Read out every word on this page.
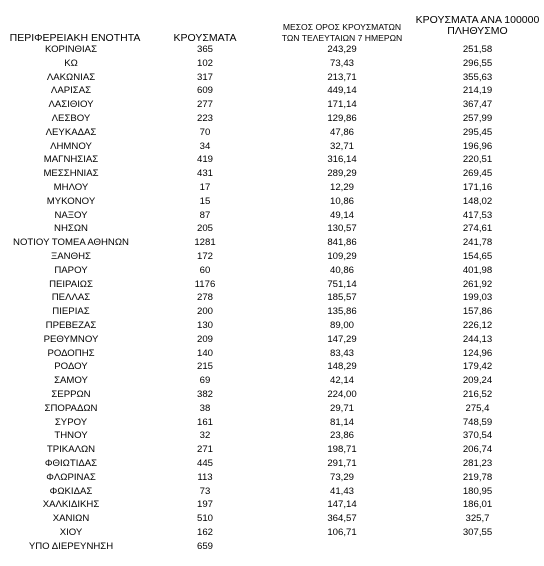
ΠΕΡΙΦΕΡΕΙΑΚΗ ΕΝΟΤΗΤΑ	ΚΡΟΥΣΜΑΤΑ
ΜΕΣΟΣ ΟΡΟΣ ΚΡΟΥΣΜΑΤΩΝ
ΤΩΝ ΤΕΛΕΥΤΑΙΩΝ 7 ΗΜΕΡΩΝ
ΚΡΟΥΣΜΑΤΑ ΑΝΑ 100000
ΠΛΗΘΥΣΜΟ
ΚΟΡΙΝΘΙΑΣ	365	243,29	251,58
ΚΩ	102	73,43	296,55
ΛΑΚΩΝΙΑΣ	317	213,71	355,63
ΛΑΡΙΣΑΣ	609	449,14	214,19
ΛΑΣΙΘΙΟΥ	277	171,14	367,47
ΛΕΣΒΟΥ	223	129,86	257,99
ΛΕΥΚΑΔΑΣ	70	47,86	295,45
ΛΗΜΝΟΥ	34	32,71	196,96
ΜΑΓΝΗΣΙΑΣ	419	316,14	220,51
ΜΕΣΣΗΝΙΑΣ	431	289,29	269,45
ΜΗΛΟΥ	17	12,29	171,16
ΜΥΚΟΝΟΥ	15	10,86	148,02
ΝΑΞΟΥ	87	49,14	417,53
ΝΗΣΩΝ	205	130,57	274,61
ΝΟΤΙΟΥ ΤΟΜΕΑ ΑΘΗΝΩΝ	1281	841,86	241,78
ΞΑΝΘΗΣ	172	109,29	154,65
ΠΑΡΟΥ	60	40,86	401,98
ΠΕΙΡΑΙΩΣ	1176	751,14	261,92
ΠΕΛΛΑΣ	278	185,57	199,03
ΠΙΕΡΙΑΣ	200	135,86	157,86
ΠΡΕΒΕΖΑΣ	130	89,00	226,12
ΡΕΘΥΜΝΟΥ	209	147,29	244,13
ΡΟΔΟΠΗΣ	140	83,43	124,96
ΡΟΔΟΥ	215	148,29	179,42
ΣΑΜΟΥ	69	42,14	209,24
ΣΕΡΡΩΝ	382	224,00	216,52
ΣΠΟΡΑΔΩΝ	38	29,71	275,4
ΣΥΡΟΥ	161	81,14	748,59
ΤΗΝΟΥ	32	23,86	370,54
ΤΡΙΚΑΛΩΝ	271	198,71	206,74
ΦΘΙΩΤΙΔΑΣ	445	291,71	281,23
ΦΛΩΡΙΝΑΣ	113	73,29	219,78
ΦΩΚΙΔΑΣ	73	41,43	180,95
ΧΑΛΚΙΔΙΚΗΣ	197	147,14	186,01
ΧΑΝΙΩΝ	510	364,57	325,7
ΧΙΟΥ	162	106,71	307,55
ΥΠΟ ΔΙΕΡΕΥΝΗΣΗ	659
